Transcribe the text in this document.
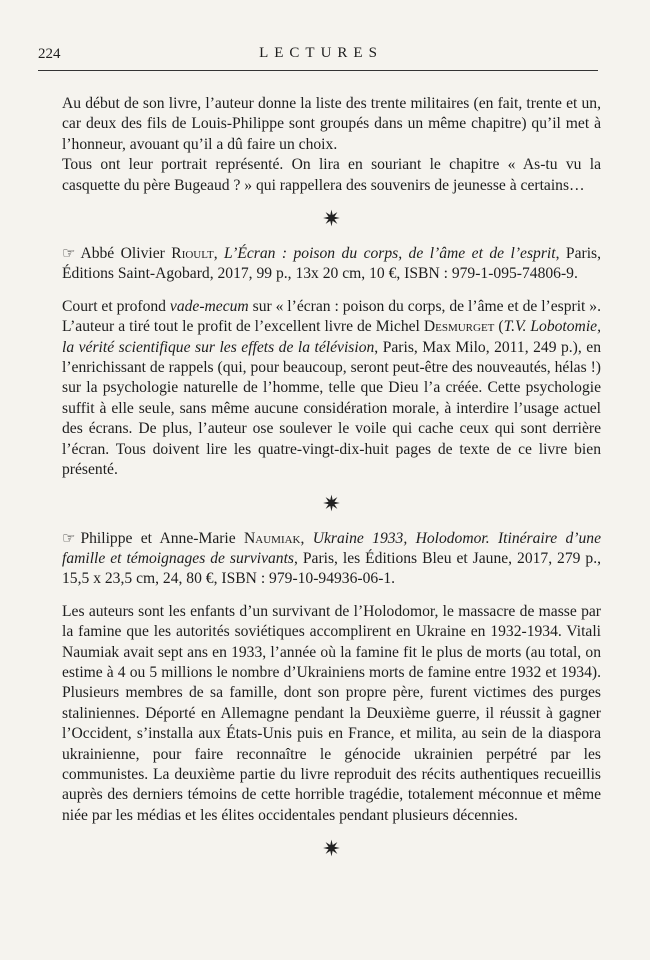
224	LECTURES

Au début de son livre, l’auteur donne la liste des trente militaires (en fait, trente et un, car deux des fils de Louis-Philippe sont groupés dans un même chapitre) qu’il met à l’honneur, avouant qu’il a dû faire un choix.

Tous ont leur portrait représenté. On lira en souriant le chapitre « As-tu vu la casquette du père Bugeaud ? » qui rappellera des souvenirs de jeunesse à certains…

✷

☞ Abbé Olivier Rioult, L’Écran : poison du corps, de l’âme et de l’esprit, Paris, Éditions Saint-Agobard, 2017, 99 p., 13x 20 cm, 10 €, ISBN : 979-1-095-74806-9.

Court et profond vade-mecum sur « l’écran : poison du corps, de l’âme et de l’esprit ». L’auteur a tiré tout le profit de l’excellent livre de Michel Desmurget (T.V. Lobotomie, la vérité scientifique sur les effets de la télévision, Paris, Max Milo, 2011, 249 p.), en l’enrichissant de rappels (qui, pour beaucoup, seront peut-être des nouveautés, hélas !) sur la psychologie naturelle de l’homme, telle que Dieu l’a créée. Cette psychologie suffit à elle seule, sans même aucune considération morale, à interdire l’usage actuel des écrans. De plus, l’auteur ose soulever le voile qui cache ceux qui sont derrière l’écran. Tous doivent lire les quatre-vingt-dix-huit pages de texte de ce livre bien présenté.

✷

☞ Philippe et Anne-Marie Naumiak, Ukraine 1933, Holodomor. Itinéraire d’une famille et témoignages de survivants, Paris, les Éditions Bleu et Jaune, 2017, 279 p., 15,5 x 23,5 cm, 24, 80 €, ISBN : 979-10-94936-06-1.

Les auteurs sont les enfants d’un survivant de l’Holodomor, le massacre de masse par la famine que les autorités soviétiques accomplirent en Ukraine en 1932-1934. Vitali Naumiak avait sept ans en 1933, l’année où la famine fit le plus de morts (au total, on estime à 4 ou 5 millions le nombre d’Ukrainiens morts de famine entre 1932 et 1934). Plusieurs membres de sa famille, dont son propre père, furent victimes des purges staliniennes. Déporté en Allemagne pendant la Deuxième guerre, il réussit à gagner l’Occident, s’installa aux États-Unis puis en France, et milita, au sein de la diaspora ukrainienne, pour faire reconnaître le génocide ukrainien perpétré par les communistes. La deuxième partie du livre reproduit des récits authentiques recueillis auprès des derniers témoins de cette horrible tragédie, totalement méconnue et même niée par les médias et les élites occidentales pendant plusieurs décennies.

✷
